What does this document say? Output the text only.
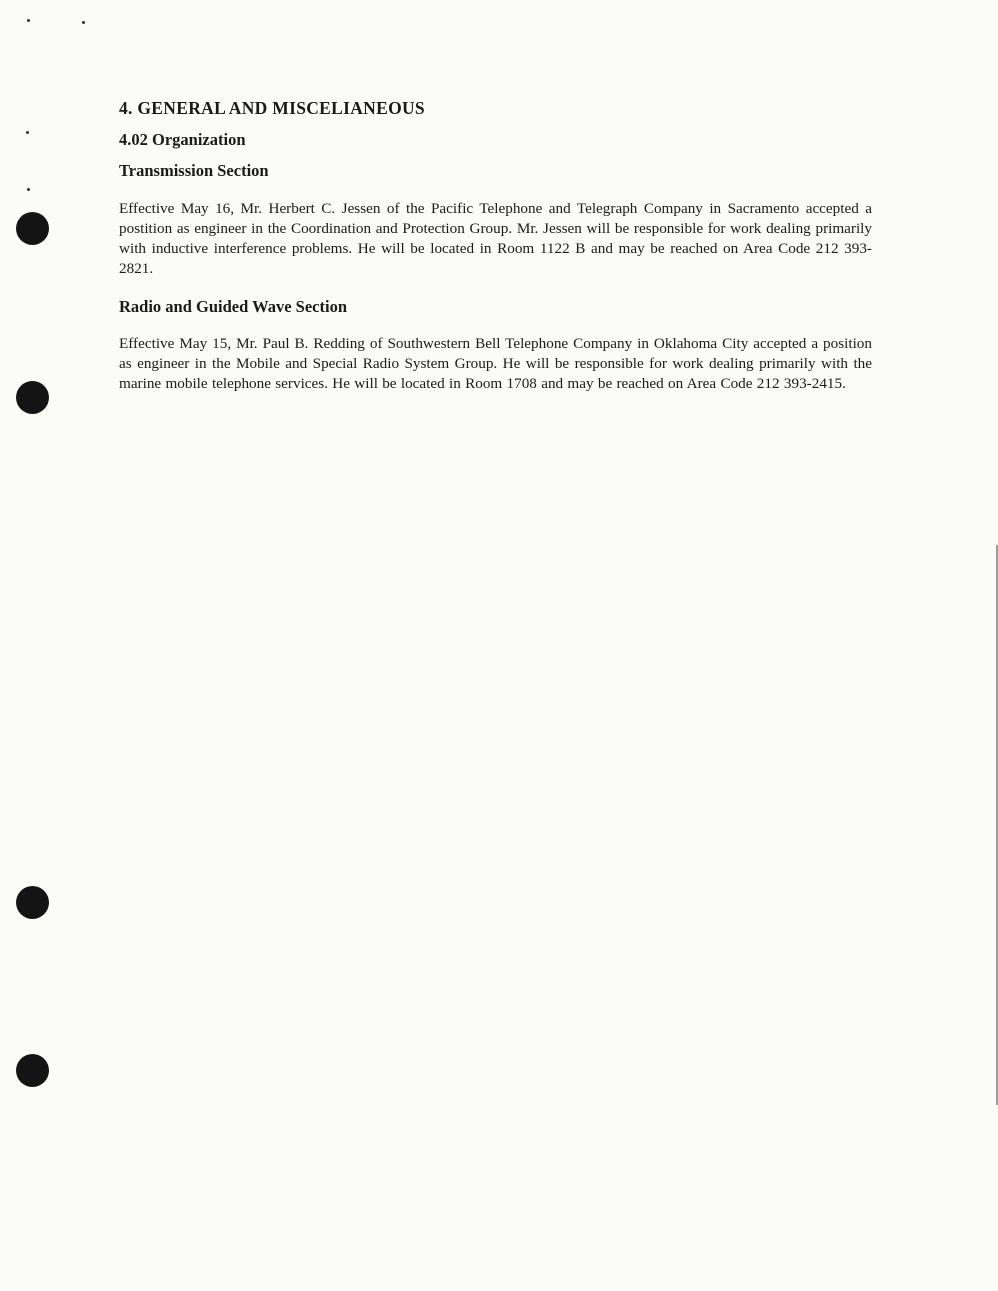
4. GENERAL AND MISCELIANEOUS
4.02 Organization
Transmission Section

Effective May 16, Mr. Herbert C. Jessen of the Pacific Telephone and Telegraph Company in Sacramento accepted a postition as engineer in the Coordination and Protection Group. Mr. Jessen will be responsible for work dealing primarily with inductive interference problems. He will be located in Room 1122 B and may be reached on Area Code 212 393-2821.

Radio and Guided Wave Section

Effective May 15, Mr. Paul B. Redding of Southwestern Bell Telephone Company in Oklahoma City accepted a position as engineer in the Mobile and Special Radio System Group. He will be responsible for work dealing primarily with the marine mobile telephone services. He will be located in Room 1708 and may be reached on Area Code 212 393-2415.
